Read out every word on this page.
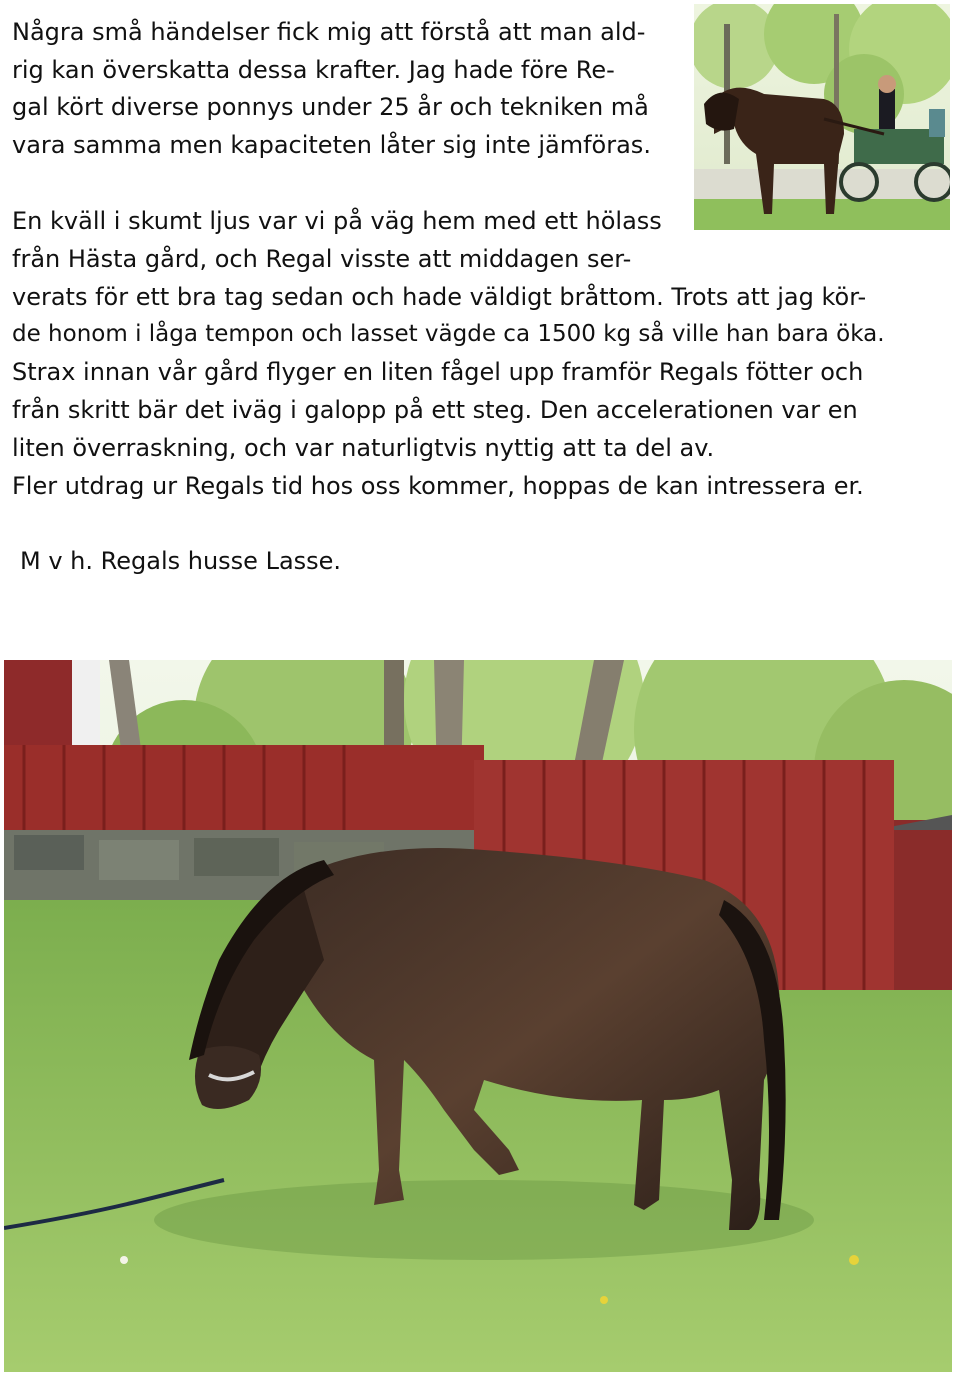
Några små händelser fick mig att förstå att man ald-
rig kan överskatta dessa krafter. Jag hade före Re-
gal kört diverse ponnys under 25 år och tekniken må
vara samma men kapaciteten låter sig inte jämföras.
En kväll i skumt ljus var vi på väg hem med ett hölass
från Hästa gård, och Regal visste att middagen ser-
verats för ett bra tag sedan och hade väldigt bråttom. Trots att jag kör-
de honom i låga tempon och lasset vägde ca 1500 kg så ville han bara öka.
Strax innan vår gård flyger en liten fågel upp framför Regals fötter och
från skritt bär det iväg i galopp på ett steg. Den accelerationen var en
liten överraskning, och var naturligtvis nyttig att ta del av.
Fler utdrag ur Regals tid hos oss kommer, hoppas de kan intressera er.
M v h. Regals husse Lasse.
